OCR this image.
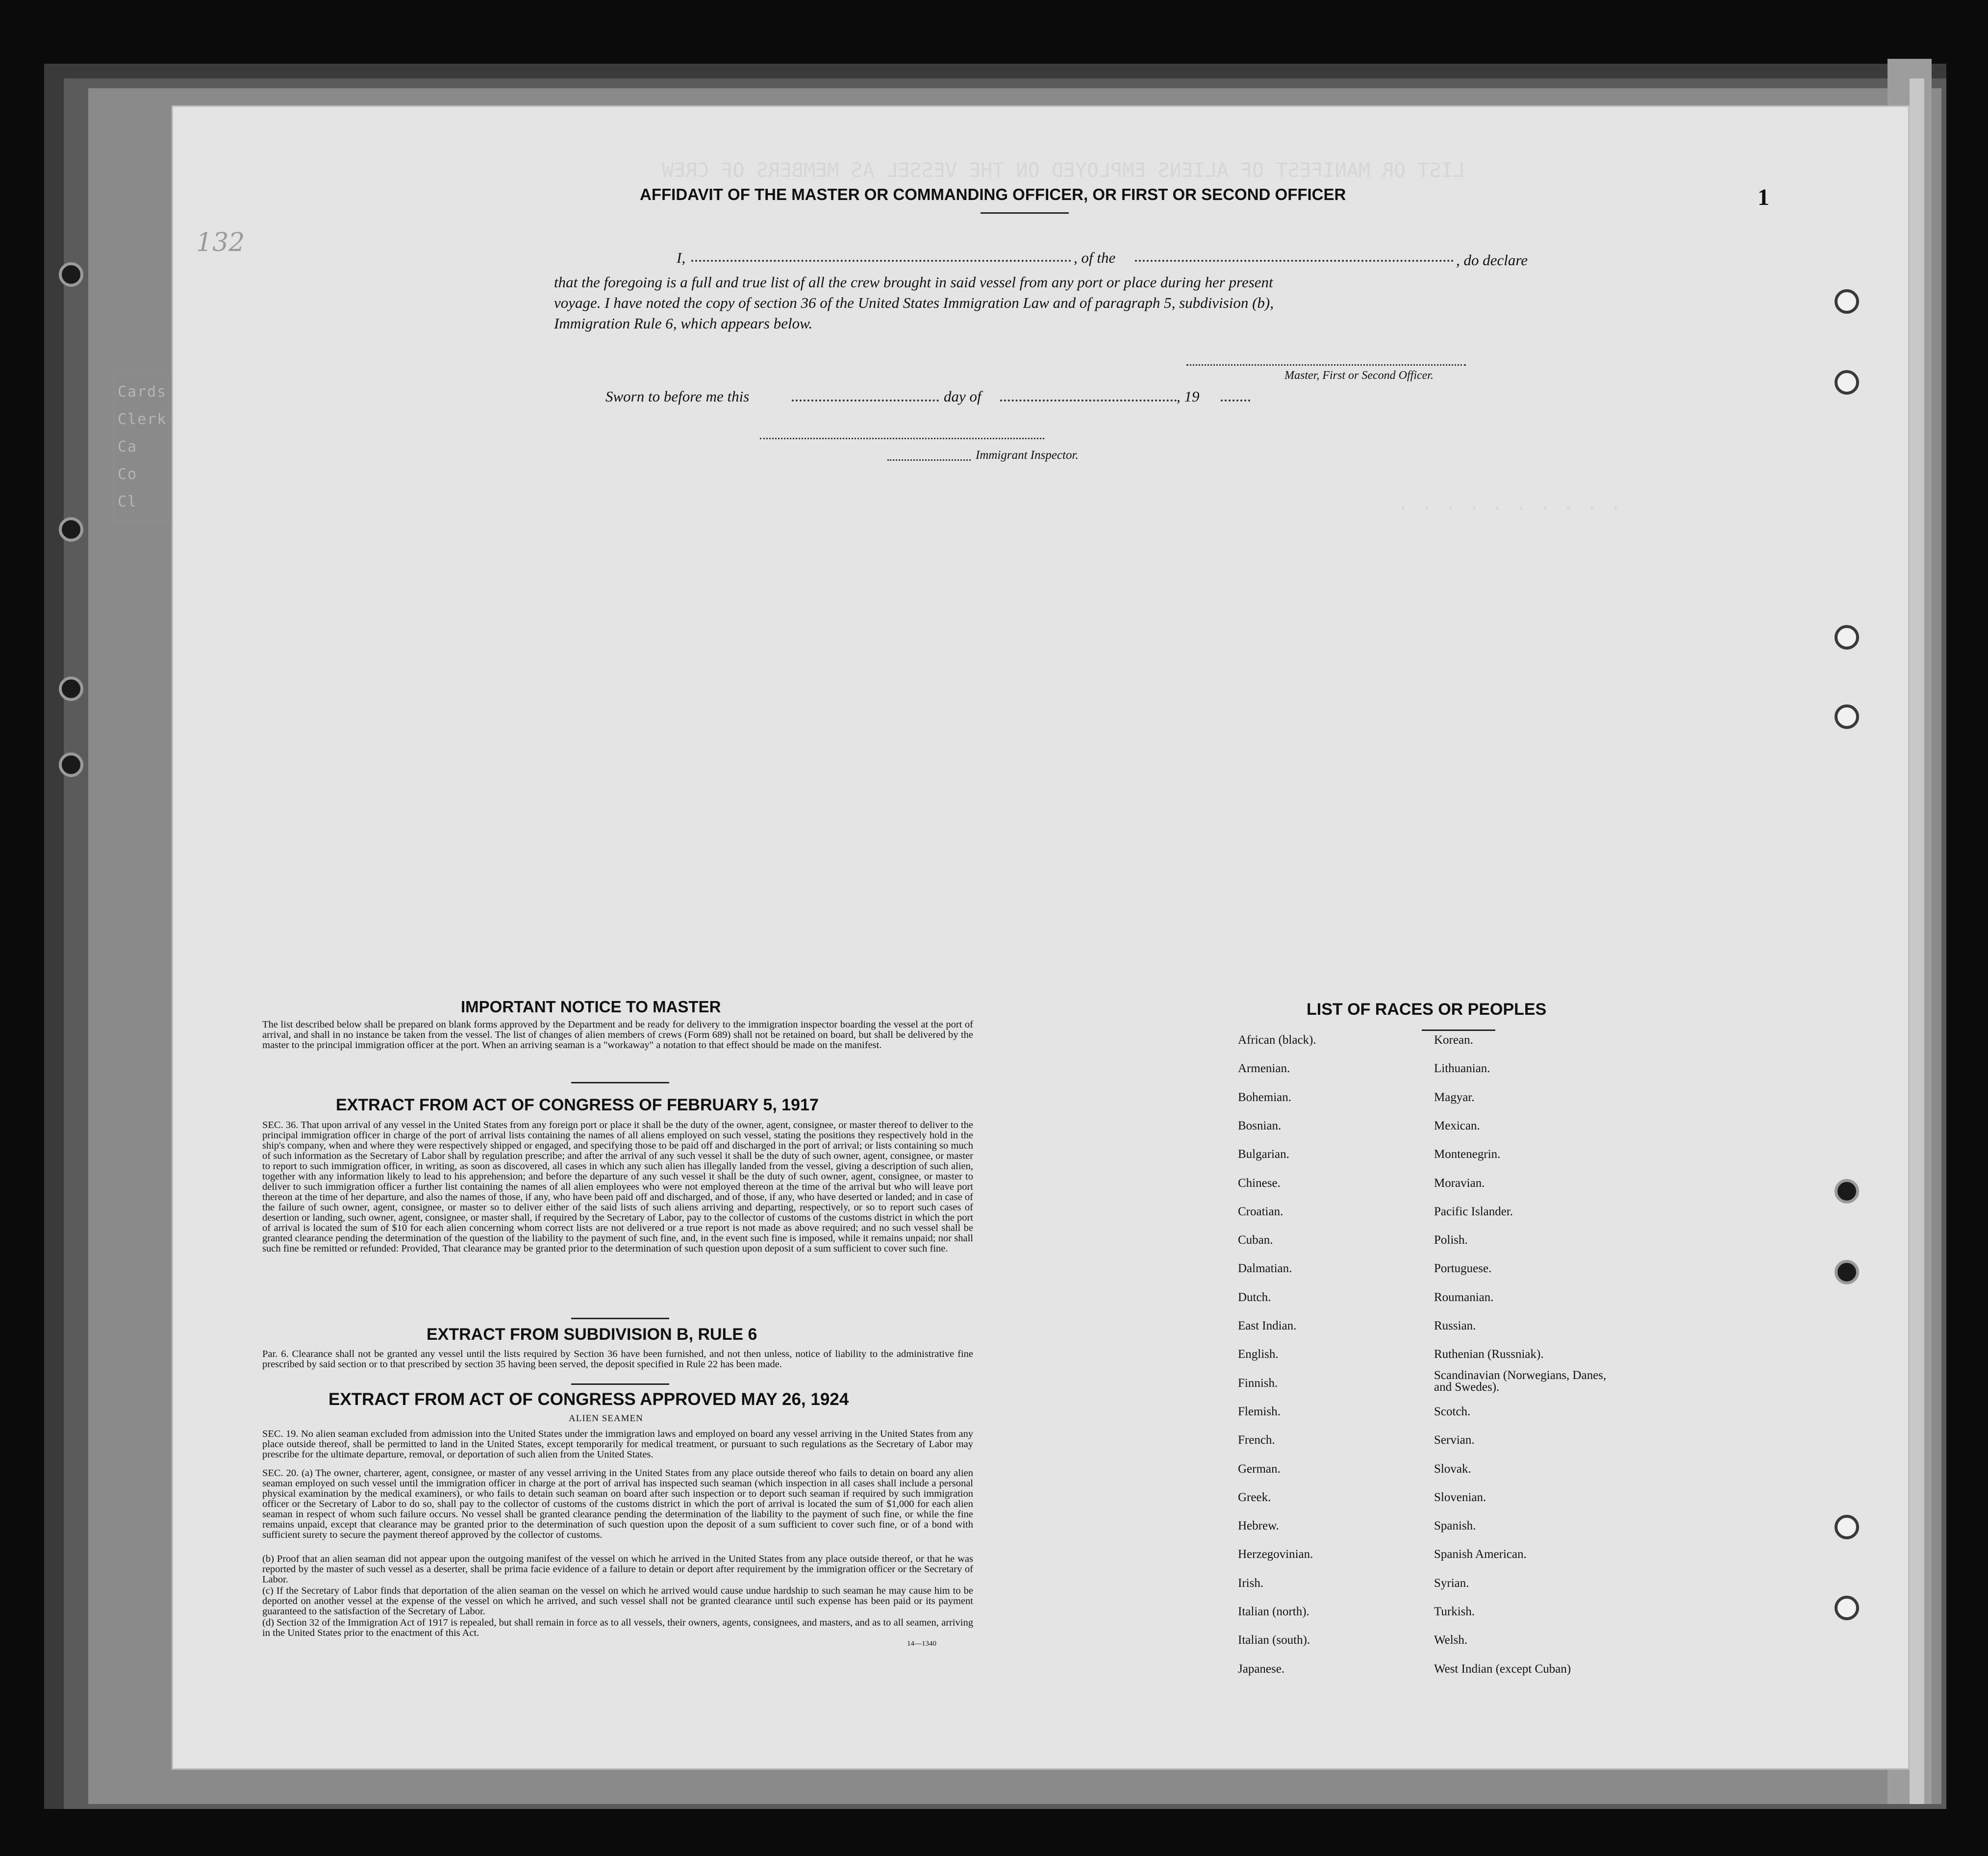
Cards
Clerk
Ca
Co
Cl
LIST OR MANIFEST OF ALIENS EMPLOYED ON THE VESSEL AS MEMBERS OF CREW
· · · · · · · · · ·
1
132
AFFIDAVIT OF THE MASTER OR COMMANDING OFFICER, OR FIRST OR SECOND OFFICER
I,	, of the	, do declare
that the foregoing is a full and true list of all the crew brought in said vessel from any port or place during her present
voyage. I have noted the copy of section 36 of the United States Immigration Law and of paragraph 5, subdivision (b),
Immigration Rule 6, which appears below.
Master, First or Second Officer.
Sworn to before me this	day of	, 19
Immigrant Inspector.
IMPORTANT NOTICE TO MASTER
The list described below shall be prepared on blank forms approved by the Department and be ready for delivery to the immigration inspector boarding the vessel at the port of arrival, and shall in no instance be taken from the vessel. The list of changes of alien members of crews (Form 689) shall not be retained on board, but shall be delivered by the master to the principal immigration officer at the port. When an arriving seaman is a "workaway" a notation to that effect should be made on the manifest.
EXTRACT FROM ACT OF CONGRESS OF FEBRUARY 5, 1917
SEC. 36. That upon arrival of any vessel in the United States from any foreign port or place it shall be the duty of the owner, agent, consignee, or master thereof to deliver to the principal immigration officer in charge of the port of arrival lists containing the names of all aliens employed on such vessel, stating the positions they respectively hold in the ship's company, when and where they were respectively shipped or engaged, and specifying those to be paid off and discharged in the port of arrival; or lists containing so much of such information as the Secretary of Labor shall by regulation prescribe; and after the arrival of any such vessel it shall be the duty of such owner, agent, consignee, or master to report to such immigration officer, in writing, as soon as discovered, all cases in which any such alien has illegally landed from the vessel, giving a description of such alien, together with any information likely to lead to his apprehension; and before the departure of any such vessel it shall be the duty of such owner, agent, consignee, or master to deliver to such immigration officer a further list containing the names of all alien employees who were not employed thereon at the time of the arrival but who will leave port thereon at the time of her departure, and also the names of those, if any, who have been paid off and discharged, and of those, if any, who have deserted or landed; and in case of the failure of such owner, agent, consignee, or master so to deliver either of the said lists of such aliens arriving and departing, respectively, or so to report such cases of desertion or landing, such owner, agent, consignee, or master shall, if required by the Secretary of Labor, pay to the collector of customs of the customs district in which the port of arrival is located the sum of $10 for each alien concerning whom correct lists are not delivered or a true report is not made as above required; and no such vessel shall be granted clearance pending the determination of the question of the liability to the payment of such fine, and, in the event such fine is imposed, while it remains unpaid; nor shall such fine be remitted or refunded: Provided, That clearance may be granted prior to the determination of such question upon deposit of a sum sufficient to cover such fine.
EXTRACT FROM SUBDIVISION B, RULE 6
Par. 6. Clearance shall not be granted any vessel until the lists required by Section 36 have been furnished, and not then unless, notice of liability to the administrative fine prescribed by said section or to that prescribed by section 35 having been served, the deposit specified in Rule 22 has been made.
EXTRACT FROM ACT OF CONGRESS APPROVED MAY 26, 1924
ALIEN SEAMEN
SEC. 19. No alien seaman excluded from admission into the United States under the immigration laws and employed on board any vessel arriving in the United States from any place outside thereof, shall be permitted to land in the United States, except temporarily for medical treatment, or pursuant to such regulations as the Secretary of Labor may prescribe for the ultimate departure, removal, or deportation of such alien from the United States.
SEC. 20. (a) The owner, charterer, agent, consignee, or master of any vessel arriving in the United States from any place outside thereof who fails to detain on board any alien seaman employed on such vessel until the immigration officer in charge at the port of arrival has inspected such seaman (which inspection in all cases shall include a personal physical examination by the medical examiners), or who fails to detain such seaman on board after such inspection or to deport such seaman if required by such immigration officer or the Secretary of Labor to do so, shall pay to the collector of customs of the customs district in which the port of arrival is located the sum of $1,000 for each alien seaman in respect of whom such failure occurs. No vessel shall be granted clearance pending the determination of the liability to the payment of such fine, or while the fine remains unpaid, except that clearance may be granted prior to the determination of such question upon the deposit of a sum sufficient to cover such fine, or of a bond with sufficient surety to secure the payment thereof approved by the collector of customs.
(b) Proof that an alien seaman did not appear upon the outgoing manifest of the vessel on which he arrived in the United States from any place outside thereof, or that he was reported by the master of such vessel as a deserter, shall be prima facie evidence of a failure to detain or deport after requirement by the immigration officer or the Secretary of Labor.
(c) If the Secretary of Labor finds that deportation of the alien seaman on the vessel on which he arrived would cause undue hardship to such seaman he may cause him to be deported on another vessel at the expense of the vessel on which he arrived, and such vessel shall not be granted clearance until such expense has been paid or its payment guaranteed to the satisfaction of the Secretary of Labor.
(d) Section 32 of the Immigration Act of 1917 is repealed, but shall remain in force as to all vessels, their owners, agents, consignees, and masters, and as to all seamen, arriving in the United States prior to the enactment of this Act.
14—1340
LIST OF RACES OR PEOPLES
African (black).
Armenian.
Bohemian.
Bosnian.
Bulgarian.
Chinese.
Croatian.
Cuban.
Dalmatian.
Dutch.
East Indian.
English.
Finnish.
Flemish.
French.
German.
Greek.
Hebrew.
Herzegovinian.
Irish.
Italian (north).
Italian (south).
Japanese.
Korean.
Lithuanian.
Magyar.
Mexican.
Montenegrin.
Moravian.
Pacific Islander.
Polish.
Portuguese.
Roumanian.
Russian.
Ruthenian (Russniak).
Scandinavian (Norwegians, Danes, and Swedes).
Scotch.
Servian.
Slovak.
Slovenian.
Spanish.
Spanish American.
Syrian.
Turkish.
Welsh.
West Indian (except Cuban)
